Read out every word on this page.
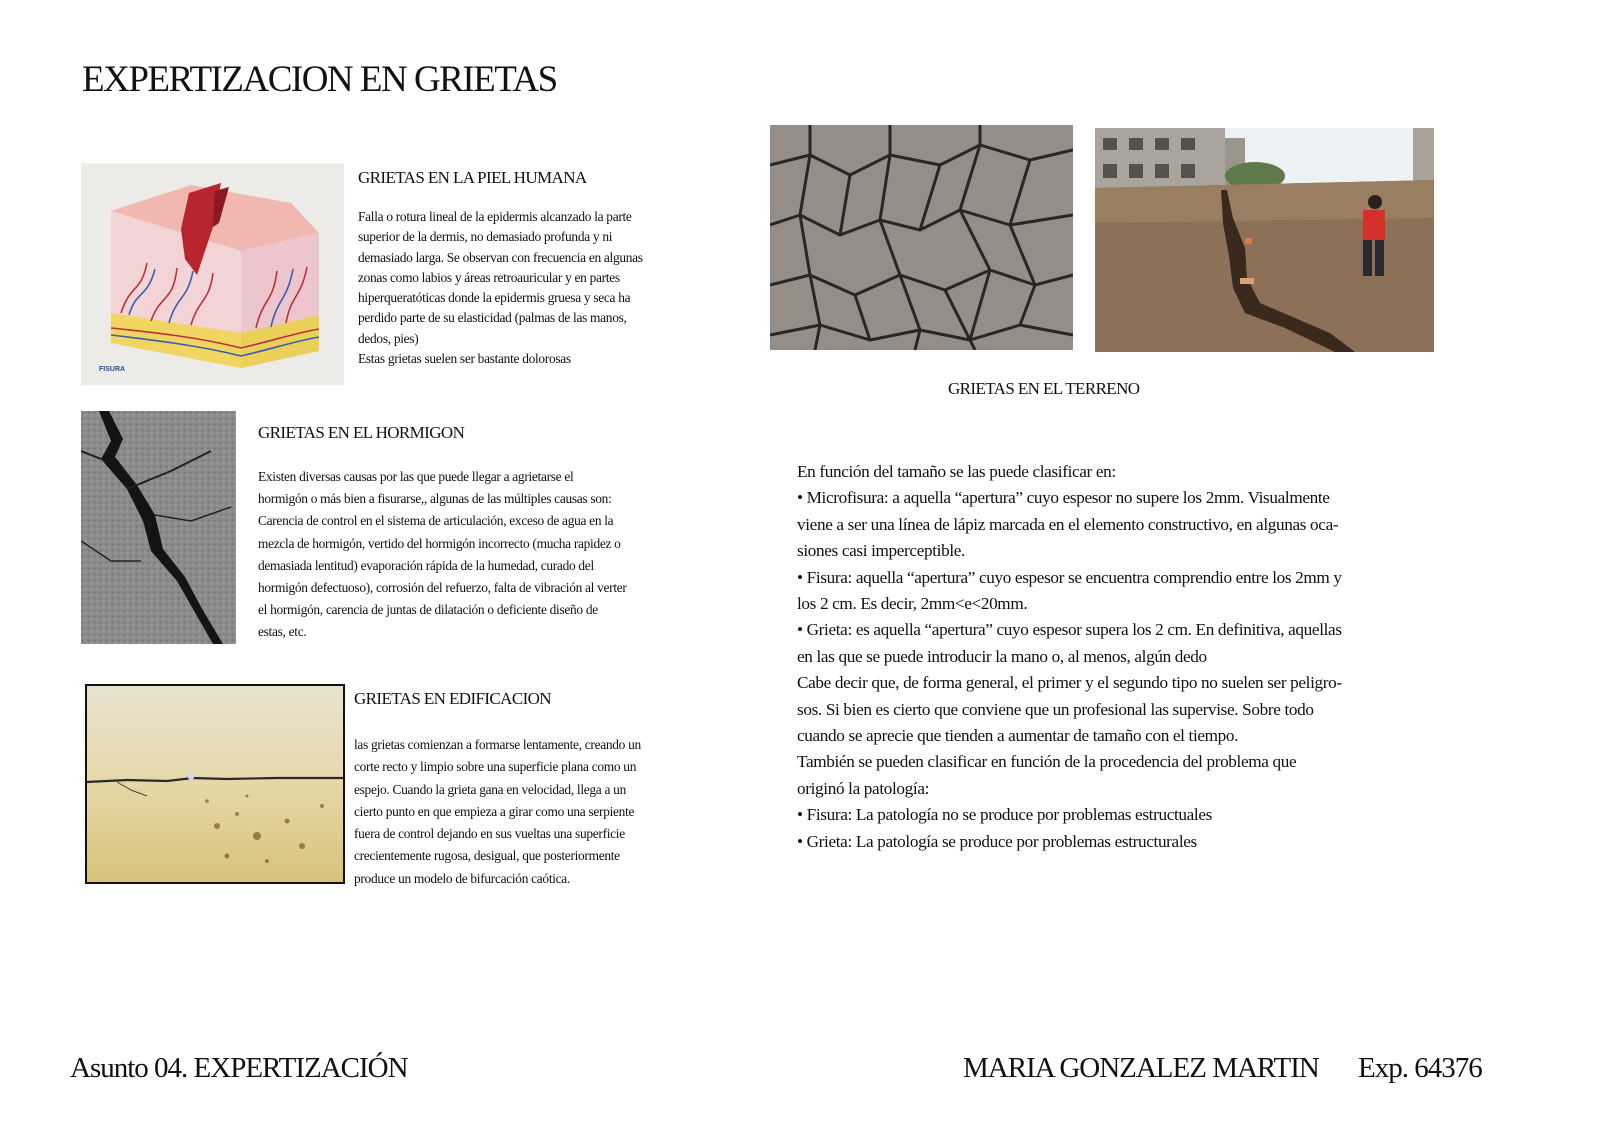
EXPERTIZACION EN GRIETAS
FISURA
GRIETAS EN LA PIEL HUMANA
Falla o rotura lineal de la epidermis alcanzado la parte
superior de la dermis, no demasiado profunda y ni
demasiado larga. Se observan con frecuencia en algunas
zonas como labios y áreas retroauricular y en partes
hiperqueratóticas donde la epidermis gruesa y seca ha
perdido parte de su elasticidad (palmas de las manos,
dedos, pies)
Estas grietas suelen ser bastante dolorosas
GRIETAS EN EL HORMIGON
Existen diversas causas por las que puede llegar a agrietarse el
hormigón o más bien a fisurarse,, algunas de las múltiples causas son:
Carencia de control en el sistema de articulación, exceso de agua en la
mezcla de hormigón, vertido del hormigón incorrecto (mucha rapidez o
demasiada lentitud) evaporación rápida de la humedad, curado del
hormigón defectuoso), corrosión del refuerzo, falta de vibración al verter
el hormigón, carencia de juntas de dilatación o deficiente diseño de
estas, etc.
GRIETAS EN EDIFICACION
las grietas comienzan a formarse lentamente, creando un
corte recto y limpio sobre una superficie plana como un
espejo. Cuando la grieta gana en velocidad, llega a un
cierto punto en que empieza a girar como una serpiente
fuera de control dejando en sus vueltas una superficie
crecientemente rugosa, desigual, que posteriormente
produce un modelo de bifurcación caótica.
GRIETAS EN EL TERRENO
En función del tamaño se las puede clasificar en:
• Microfisura: a aquella “apertura” cuyo espesor no supere los 2mm. Visualmente
viene a ser una línea de lápiz marcada en el elemento constructivo, en algunas oca-
siones casi imperceptible.
• Fisura: aquella “apertura” cuyo espesor se encuentra comprendio entre los 2mm y
los 2 cm. Es decir, 2mm<e<20mm.
• Grieta: es aquella “apertura” cuyo espesor supera los 2 cm. En definitiva, aquellas
en las que se puede introducir la mano o, al menos, algún dedo
Cabe decir que, de forma general, el primer y el segundo tipo no suelen ser peligro-
sos. Si bien es cierto que conviene que un profesional las supervise. Sobre todo
cuando se aprecie que tienden a aumentar de tamaño con el tiempo.
También se pueden clasificar en función de la procedencia del problema que
originó la patología:
• Fisura: La patología no se produce por problemas estructuales
• Grieta: La patología se produce por problemas estructurales
Asunto 04. EXPERTIZACIÓN	MARIA GONZALEZ MARTIN Exp. 64376
